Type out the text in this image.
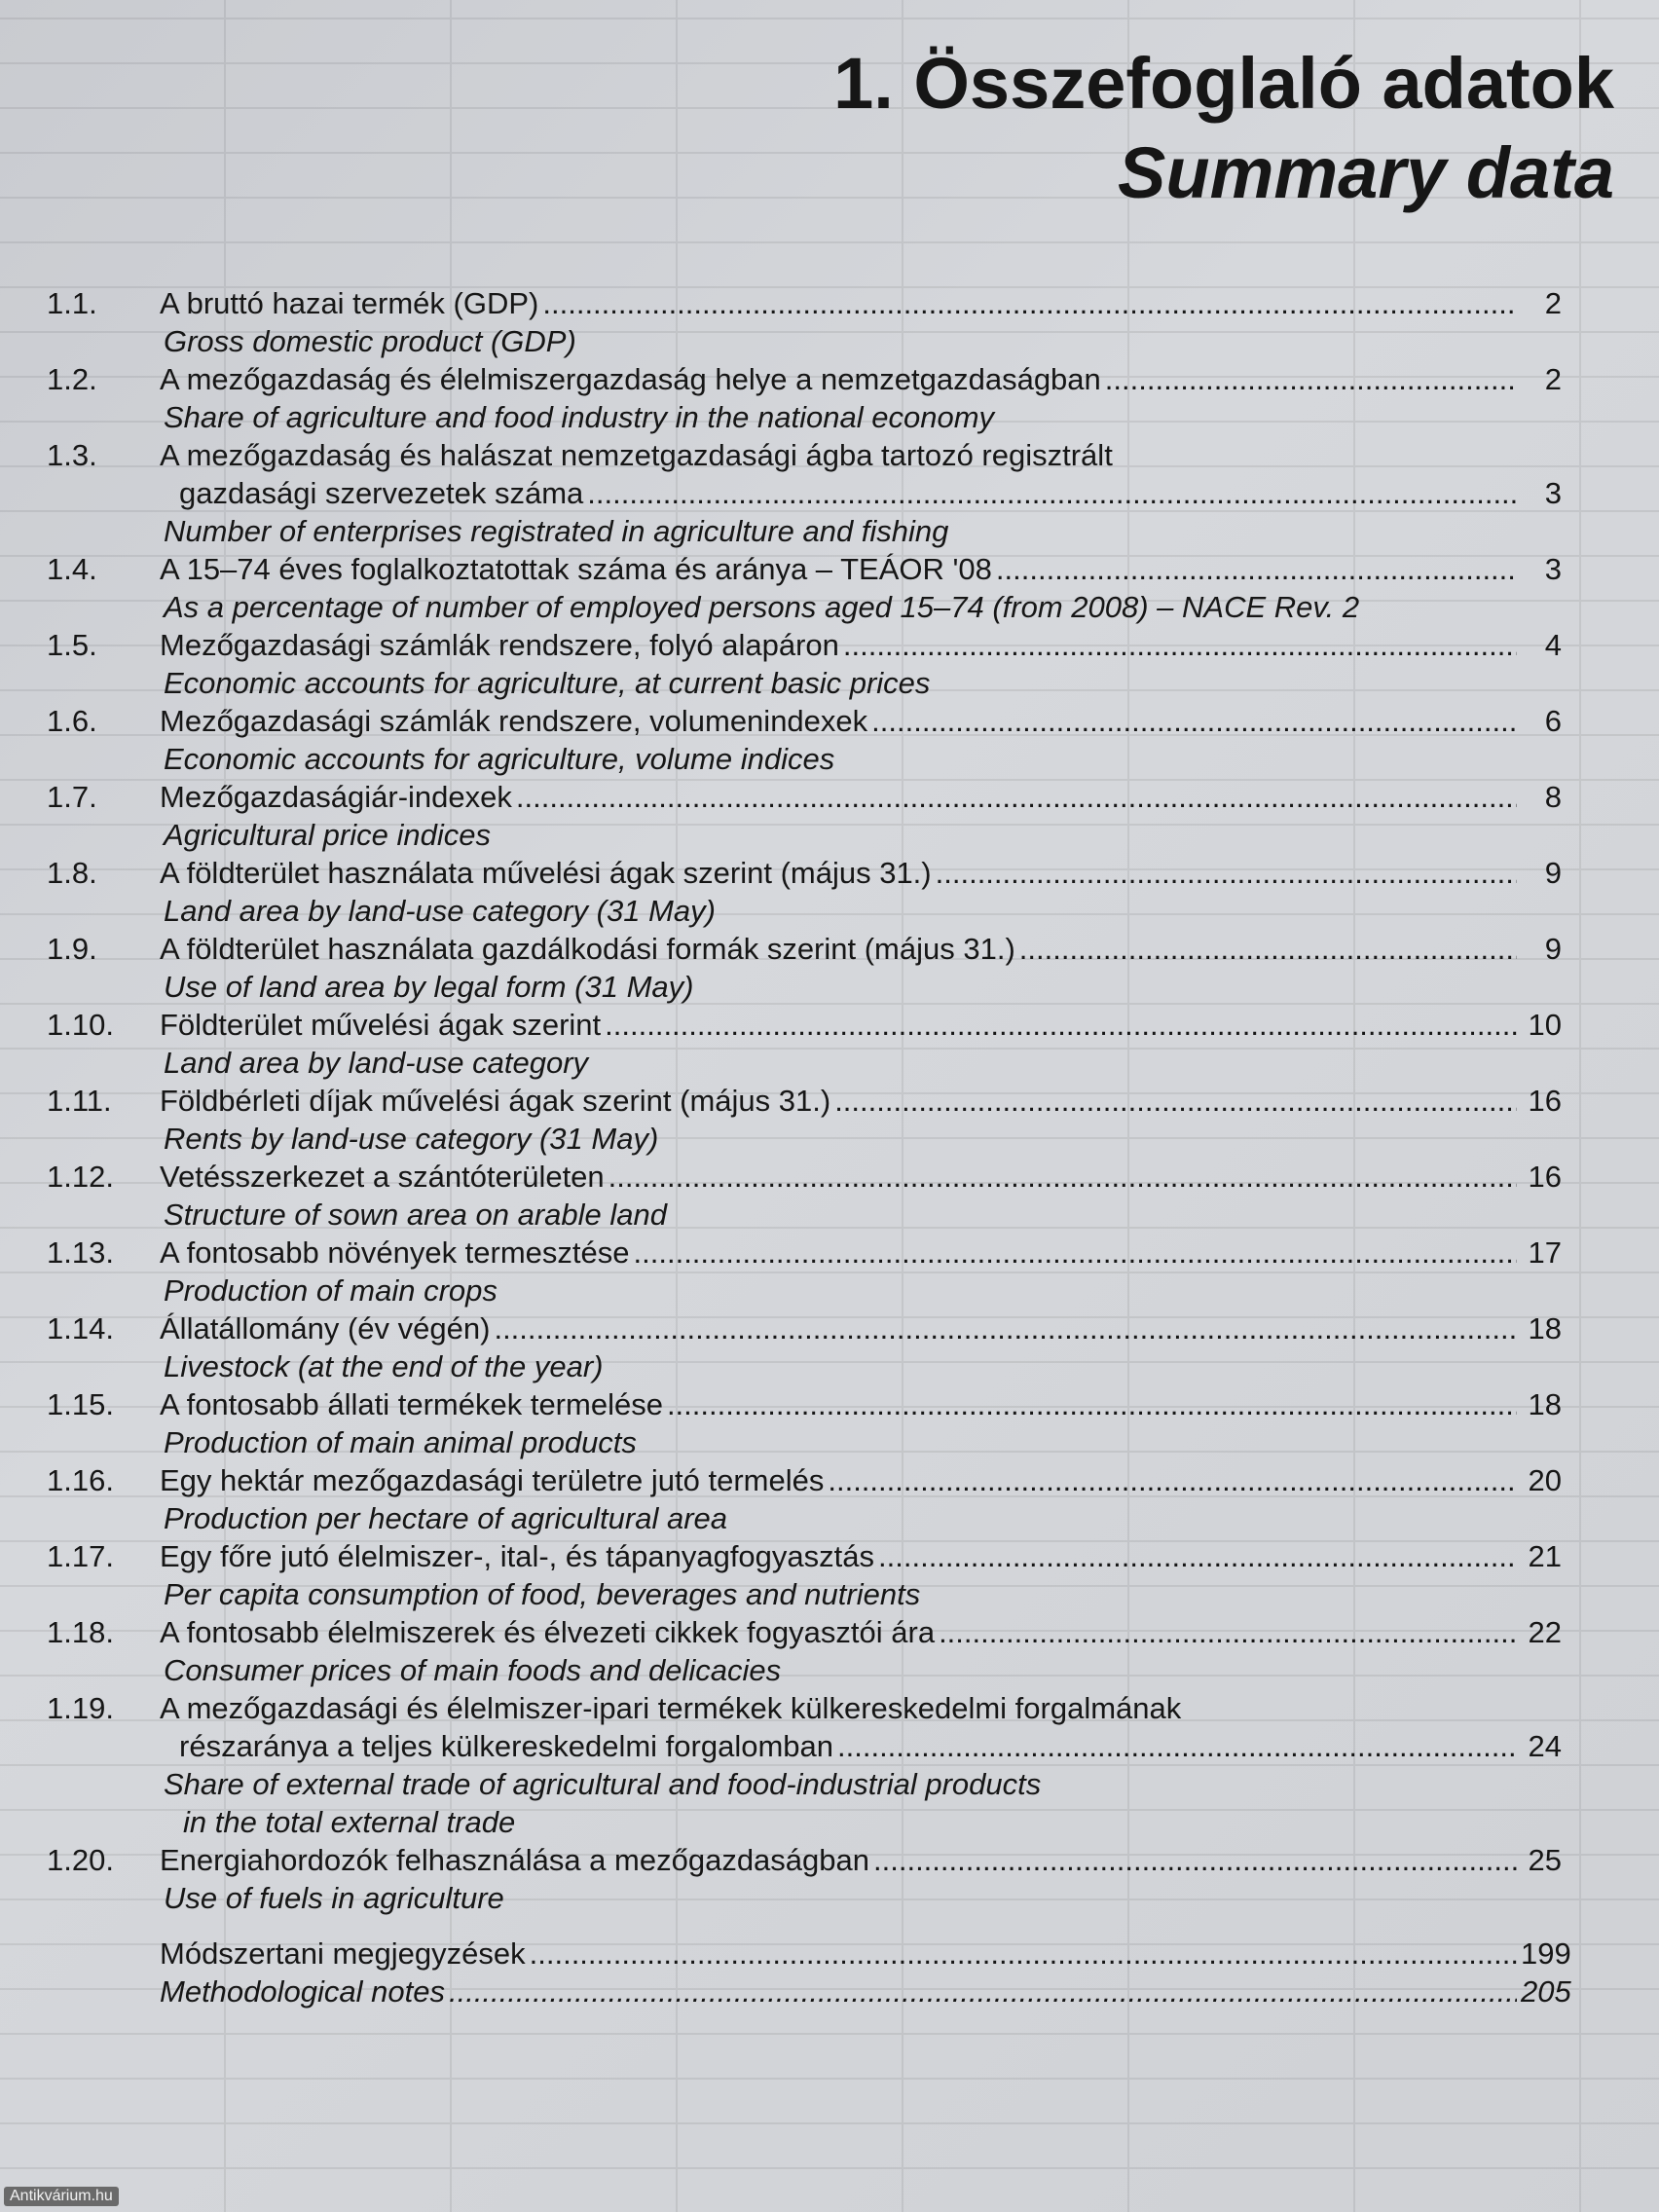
1. Összefoglaló adatok
Summary data
1.1. A bruttó hazai termék (GDP) .....	2
Gross domestic product (GDP)
1.2. A mezőgazdaság és élelmiszergazdaság helye a nemzetgazdaságban .....	2
Share of agriculture and food industry in the national economy
1.3. A mezőgazdaság és halászat nemzetgazdasági ágba tartozó regisztrált
gazdasági szervezetek száma .....	3
Number of enterprises registrated in agriculture and fishing
1.4. A 15–74 éves foglalkoztatottak száma és aránya – TEÁOR '08 .....	3
As a percentage of number of employed persons aged 15–74 (from 2008) – NACE Rev. 2
1.5. Mezőgazdasági számlák rendszere, folyó alapáron .....	4
Economic accounts for agriculture, at current basic prices
1.6. Mezőgazdasági számlák rendszere, volumenindexek .....	6
Economic accounts for agriculture, volume indices
1.7. Mezőgazdaságiár-indexek .....	8
Agricultural price indices
1.8. A földterület használata művelési ágak szerint (május 31.) .....	9
Land area by land-use category (31 May)
1.9. A földterület használata gazdálkodási formák szerint (május 31.) .....	9
Use of land area by legal form (31 May)
1.10. Földterület művelési ágak szerint .....	10
Land area by land-use category
1.11. Földbérleti díjak művelési ágak szerint (május 31.) .....	16
Rents by land-use category (31 May)
1.12. Vetésszerkezet a szántóterületen .....	16
Structure of sown area on arable land
1.13. A fontosabb növények termesztése .....	17
Production of main crops
1.14. Állatállomány (év végén) .....	18
Livestock (at the end of the year)
1.15. A fontosabb állati termékek termelése .....	18
Production of main animal products
1.16. Egy hektár mezőgazdasági területre jutó termelés .....	20
Production per hectare of agricultural area
1.17. Egy főre jutó élelmiszer-, ital-, és tápanyagfogyasztás .....	21
Per capita consumption of food, beverages and nutrients
1.18. A fontosabb élelmiszerek és élvezeti cikkek fogyasztói ára .....	22
Consumer prices of main foods and delicacies
1.19. A mezőgazdasági és élelmiszer-ipari termékek külkereskedelmi forgalmának
részaránya a teljes külkereskedelmi forgalomban .....	24
Share of external trade of agricultural and food-industrial products
in the total external trade
1.20. Energiahordozók felhasználása a mezőgazdaságban .....	25
Use of fuels in agriculture
Módszertani megjegyzések .....	199
Methodological notes .....	205
Antikvárium.hu
